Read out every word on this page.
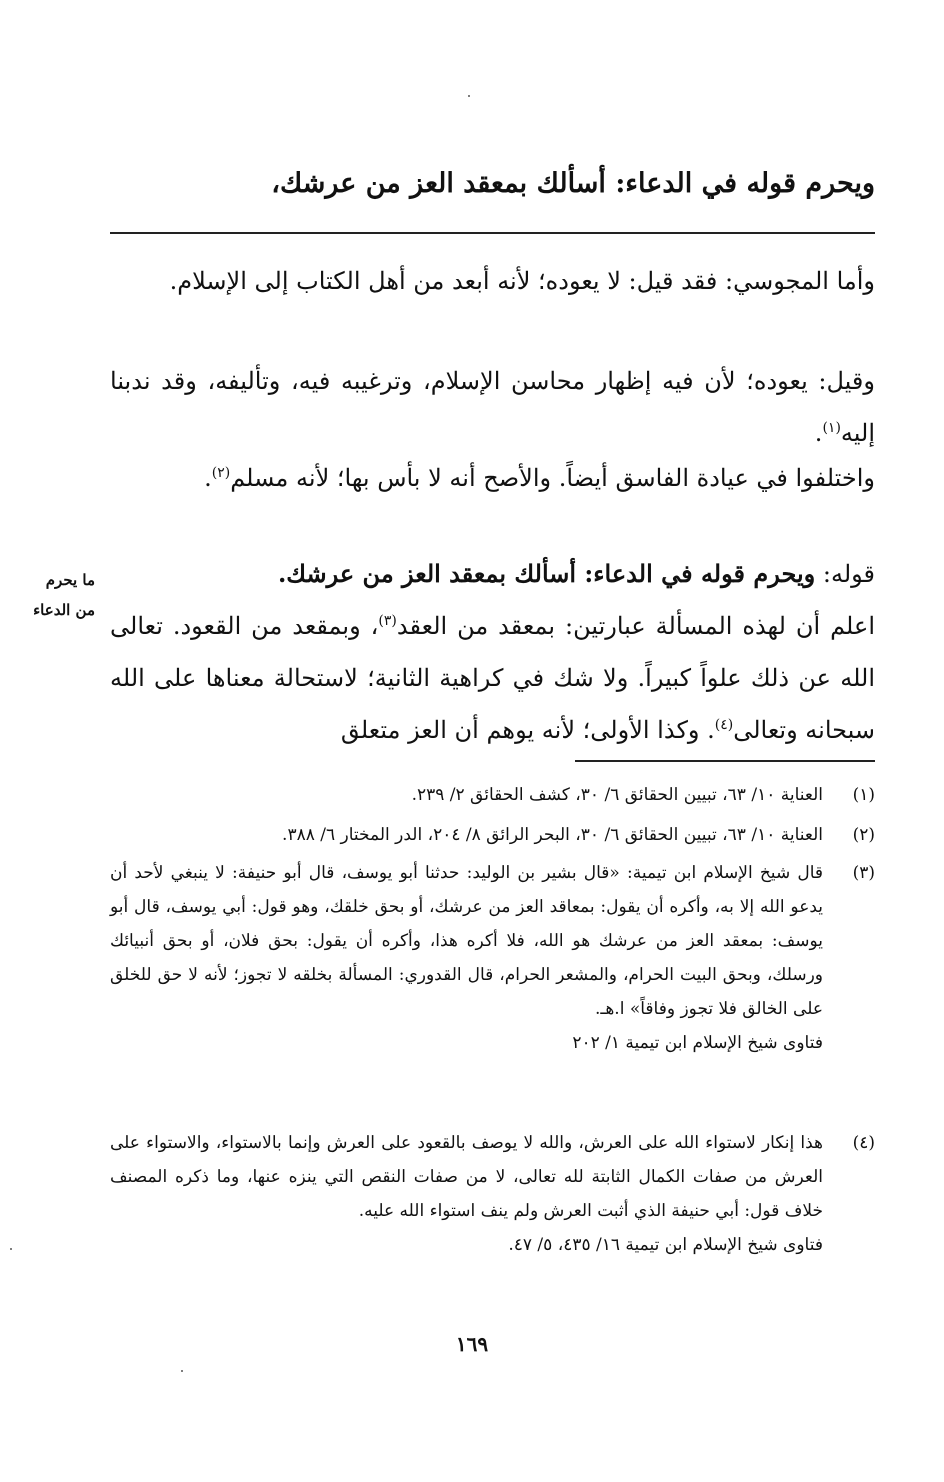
ويحرم قوله في الدعاء: أسألك بمعقد العز من عرشك،
وأما المجوسي: فقد قيل: لا يعوده؛ لأنه أبعد من أهل الكتاب إلى الإسلام.
وقيل: يعوده؛ لأن فيه إظهار محاسن الإسلام، وترغيبه فيه، وتأليفه، وقد ندبنا إليه$^{(١)}$.
واختلفوا في عيادة الفاسق أيضاً. والأصح أنه لا بأس بها؛ لأنه مسلم$^{(٢)}$.
قوله: ويحرم قوله في الدعاء: أسألك بمعقد العز من عرشك.
اعلم أن لهذه المسألة عبارتين: بمعقد من العقد$^{(٣)}$، وبمقعد من القعود. تعالى الله عن ذلك علواً كبيراً. ولا شك في كراهية الثانية؛ لاستحالة معناها على الله سبحانه وتعالى$^{(٤)}$. وكذا الأولى؛ لأنه يوهم أن العز متعلق
ما يحرم
من الدعاء
(١)
العناية ١٠/ ٦٣، تبيين الحقائق ٦/ ٣٠، كشف الحقائق ٢/ ٢٣٩.
(٢)
العناية ١٠/ ٦٣، تبيين الحقائق ٦/ ٣٠، البحر الرائق ٨/ ٢٠٤، الدر المختار ٦/ ٣٨٨.
(٣)
قال شيخ الإسلام ابن تيمية: «قال بشير بن الوليد: حدثنا أبو يوسف، قال أبو حنيفة: لا ينبغي لأحد أن يدعو الله إلا به، وأكره أن يقول: بمعاقد العز من عرشك، أو بحق خلقك، وهو قول: أبي يوسف، قال أبو يوسف: بمعقد العز من عرشك هو الله، فلا أكره هذا، وأكره أن يقول: بحق فلان، أو بحق أنبيائك ورسلك، وبحق البيت الحرام، والمشعر الحرام، قال القدوري: المسألة بخلقه لا تجوز؛ لأنه لا حق للخلق على الخالق فلا تجوز وفاقاً» ا.هـ.
فتاوى شيخ الإسلام ابن تيمية ١/ ٢٠٢
(٤)
هذا إنكار لاستواء الله على العرش، والله لا يوصف بالقعود على العرش وإنما بالاستواء، والاستواء على العرش من صفات الكمال الثابتة لله تعالى، لا من صفات النقص التي ينزه عنها، وما ذكره المصنف خلاف قول: أبي حنيفة الذي أثبت العرش ولم ينف استواء الله عليه.
فتاوى شيخ الإسلام ابن تيمية ١٦/ ٤٣٥، ٥/ ٤٧.
١٦٩
